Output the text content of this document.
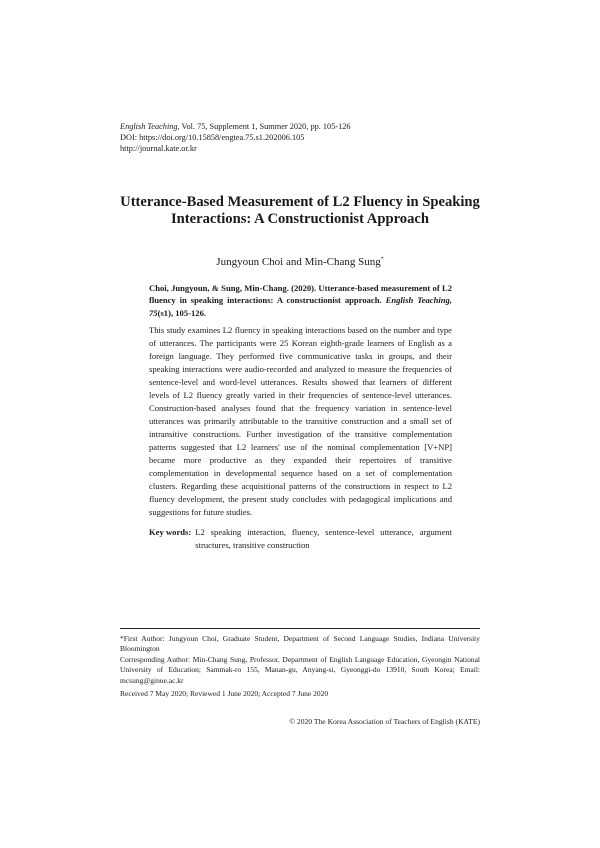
English Teaching, Vol. 75, Supplement 1, Summer 2020, pp. 105-126
DOI: https://doi.org/10.15858/engtea.75.s1.202006.105
http://journal.kate.or.kr
Utterance-Based Measurement of L2 Fluency in Speaking
Interactions: A Constructionist Approach
Jungyoun Choi and Min-Chang Sung*
Choi, Jungyoun, & Sung, Min-Chang. (2020). Utterance-based measurement of L2 fluency in speaking interactions: A constructionist approach. English Teaching, 75(s1), 105-126.

This study examines L2 fluency in speaking interactions based on the number and type of utterances. The participants were 25 Korean eighth-grade learners of English as a foreign language. They performed five communicative tasks in groups, and their speaking interactions were audio-recorded and analyzed to measure the frequencies of sentence-level and word-level utterances. Results showed that learners of different levels of L2 fluency greatly varied in their frequencies of sentence-level utterances. Construction-based analyses found that the frequency variation in sentence-level utterances was primarily attributable to the transitive construction and a small set of intransitive constructions. Further investigation of the transitive complementation patterns suggested that L2 learners' use of the nominal complementation [V+NP] became more productive as they expanded their repertoires of transitive complementation in developmental sequence based on a set of complementation clusters. Regarding these acquisitional patterns of the constructions in respect to L2 fluency development, the present study concludes with pedagogical implications and suggestions for future studies.

Key words: L2 speaking interaction, fluency, sentence-level utterance, argument structures, transitive construction

*First Author: Jungyoun Choi, Graduate Student, Department of Second Language Studies, Indiana University Bloomington

Corresponding Author: Min-Chang Sung, Professor, Department of English Language Education, Gyeongin National University of Education; Sammak-ro 155, Manan-gu, Anyang-si, Gyeonggi-do 13910, South Korea; Email: mcsung@ginue.ac.kr

Received 7 May 2020; Reviewed 1 June 2020; Accepted 7 June 2020

© 2020 The Korea Association of Teachers of English (KATE)
